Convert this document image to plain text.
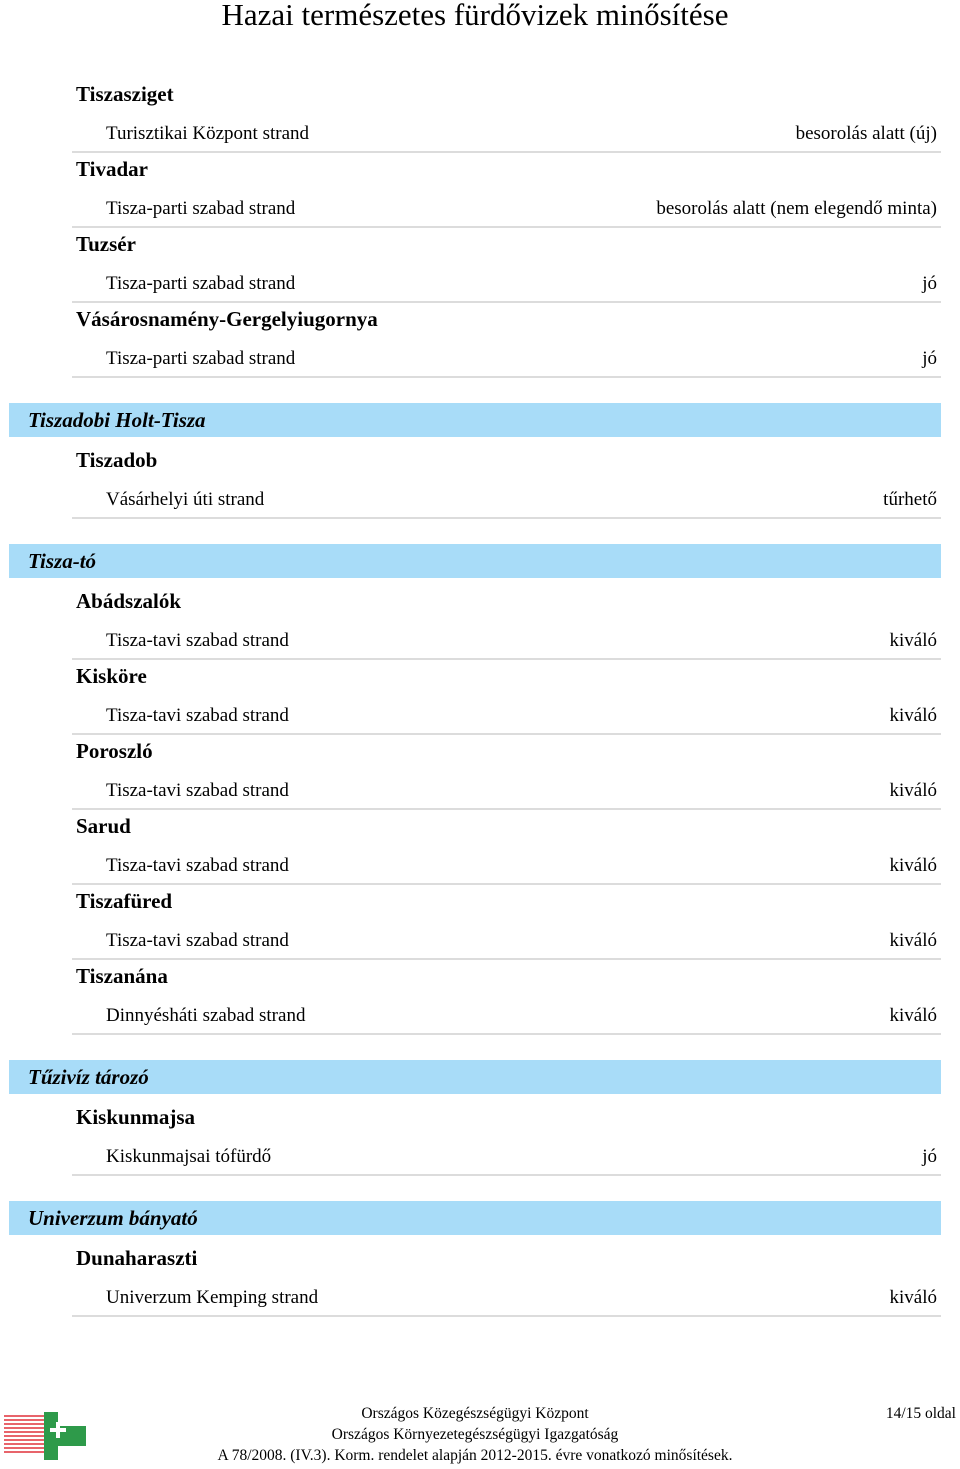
Hazai természetes fürdővizek minősítése
Tiszasziget
Turisztikai Központ strand	besorolás alatt (új)
Tivadar
Tisza-parti szabad strand	besorolás alatt (nem elegendő minta)
Tuzsér
Tisza-parti szabad strand	jó
Vásárosnamény-Gergelyiugornya
Tisza-parti szabad strand	jó
Tiszadobi Holt-Tisza
Tiszadob
Vásárhelyi úti strand	tűrhető
Tisza-tó
Abádszalók
Tisza-tavi szabad strand	kiváló
Kisköre
Tisza-tavi szabad strand	kiváló
Poroszló
Tisza-tavi szabad strand	kiváló
Sarud
Tisza-tavi szabad strand	kiváló
Tiszafüred
Tisza-tavi szabad strand	kiváló
Tiszanána
Dinnyésháti szabad strand	kiváló
Tűzivíz tározó
Kiskunmajsa
Kiskunmajsai tófürdő	jó
Univerzum bányató
Dunaharaszti
Univerzum Kemping strand	kiváló
Országos Közegészségügyi Központ
Országos Környezetegészségügyi Igazgatóság
A 78/2008. (IV.3). Korm. rendelet alapján 2012-2015. évre vonatkozó minősítések.
14/15 oldal
